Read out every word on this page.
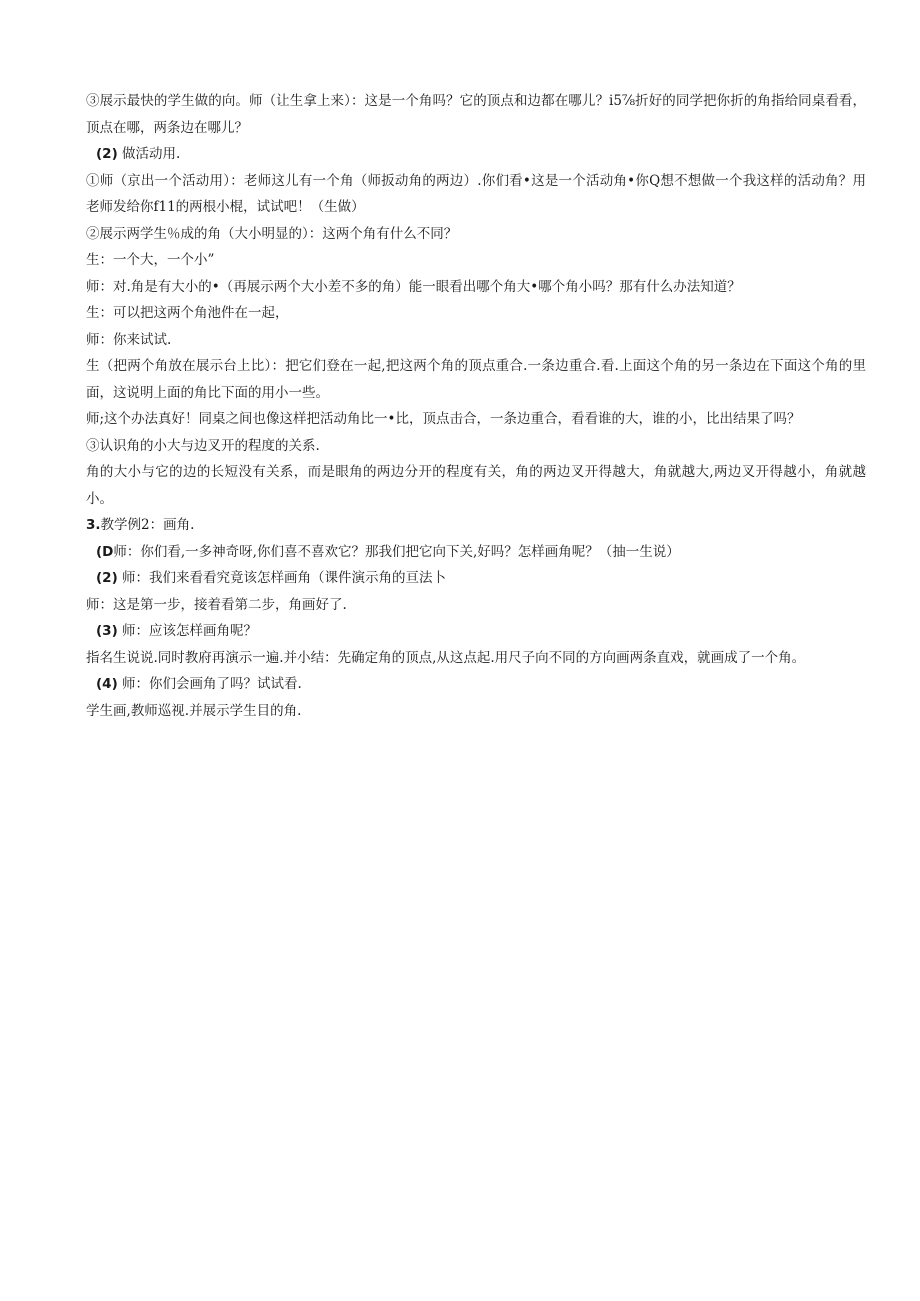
③展示最快的学生做的向。师（让生拿上来）：这是一个角吗？它的顶点和边都在哪儿？i5⅞折好的同学把你折的角指给同桌看看，顶点在哪，两条边在哪儿？

(2) 做活动用.

①师（京出一个活动用）：老师这儿有一个角（师扳动角的两边）.你们看•这是一个活动角•你Q想不想做一个我这样的活动角？用老师发给你f11的两根小棍，试试吧！（生做）

②展示两学生％成的角（大小明显的）：这两个角有什么不同？

生：一个大，一个小”

师：对.角是有大小的•（再展示两个大小差不多的角）能一眼看出哪个角大•哪个角小吗？那有什么办法知道？

生：可以把这两个角池件在一起，

师：你来试试.

生（把两个角放在展示台上比）：把它们登在一起,把这两个角的顶点重合.一条边重合.看.上面这个角的另一条边在下面这个角的里面，这说明上面的角比下面的用小一些。

师;这个办法真好！同桌之间也像这样把活动角比一•比，顶点击合，一条边重合，看看谁的大，谁的小，比出结果了吗？

③认识角的小大与边叉开的程度的关系.

角的大小与它的边的长短没有关系，而是眼角的两边分开的程度有关，角的两边叉开得越大，角就越大,两边叉开得越小，角就越小。

3.教学例2：画角.

(D师：你们看,一多神奇呀,你们喜不喜欢它？那我们把它向下关,好吗？怎样画角呢？（抽一生说）

(2) 师：我们来看看究竟该怎样画角（课件演示角的亘法卜

师：这是第一步，接着看第二步，角画好了.

(3) 师：应该怎样画角呢？

指名生说说.同时教府再演示一遍.并小结：先确定角的顶点,从这点起.用尺子向不同的方向画两条直戏，就画成了一个角。

(4) 师：你们会画角了吗？试试看.

学生画,教师巡视.并展示学生目的角.
